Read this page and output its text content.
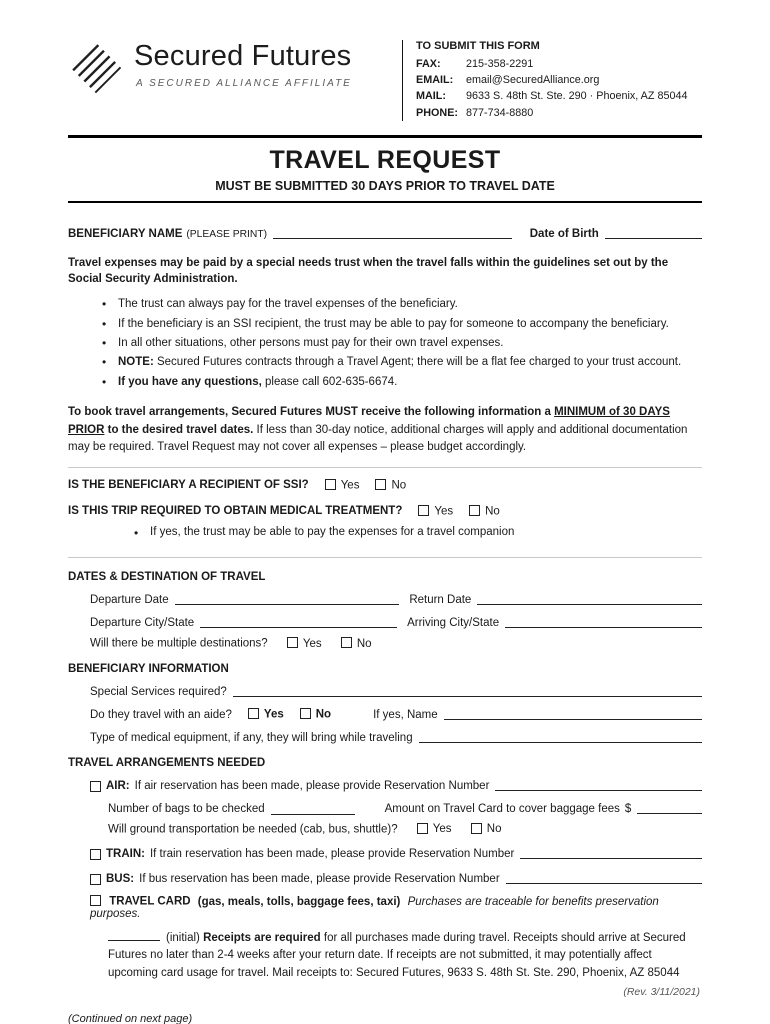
Secured Futures
A SECURED ALLIANCE AFFILIATE
TO SUBMIT THIS FORM
FAX:	215-358-2291
EMAIL:	email@SecuredAlliance.org
MAIL:	9633 S. 48th St. Ste. 290 · Phoenix, AZ 85044
PHONE: 877-734-8880
TRAVEL REQUEST
MUST BE SUBMITTED 30 DAYS PRIOR TO TRAVEL DATE
BENEFICIARY NAME (PLEASE PRINT)	Date of Birth
Travel expenses may be paid by a special needs trust when the travel falls within the guidelines set out by the Social Security Administration.
• The trust can always pay for the travel expenses of the beneficiary.
• If the beneficiary is an SSI recipient, the trust may be able to pay for someone to accompany the beneficiary.
• In all other situations, other persons must pay for their own travel expenses.
• NOTE: Secured Futures contracts through a Travel Agent; there will be a flat fee charged to your trust account.
• If you have any questions, please call 602-635-6674.
To book travel arrangements, Secured Futures MUST receive the following information a MINIMUM of 30 DAYS PRIOR to the desired travel dates. If less than 30-day notice, additional charges will apply and additional documentation may be required. Travel Request may not cover all expenses – please budget accordingly.
IS THE BENEFICIARY A RECIPIENT OF SSI?	Yes	No
IS THIS TRIP REQUIRED TO OBTAIN MEDICAL TREATMENT?	Yes	No
• If yes, the trust may be able to pay the expenses for a travel companion
DATES & DESTINATION OF TRAVEL
Departure Date	Return Date
Departure City/State	Arriving City/State
Will there be multiple destinations?	Yes	No
BENEFICIARY INFORMATION
Special Services required?
Do they travel with an aide?	Yes	No	If yes, Name
Type of medical equipment, if any, they will bring while traveling
TRAVEL ARRANGEMENTS NEEDED
AIR: If air reservation has been made, please provide Reservation Number
Number of bags to be checked	Amount on Travel Card to cover baggage fees $
Will ground transportation be needed (cab, bus, shuttle)?	Yes	No
TRAIN: If train reservation has been made, please provide Reservation Number
BUS: If bus reservation has been made, please provide Reservation Number
TRAVEL CARD (gas, meals, tolls, baggage fees, taxi) Purchases are traceable for benefits preservation purposes.
(initial) Receipts are required for all purchases made during travel. Receipts should arrive at Secured Futures no later than 2-4 weeks after your return date. If receipts are not submitted, it may potentially affect upcoming card usage for travel. Mail receipts to: Secured Futures, 9633 S. 48th St. Ste. 290, Phoenix, AZ 85044
(Continued on next page)
(Rev. 3/11/2021)
